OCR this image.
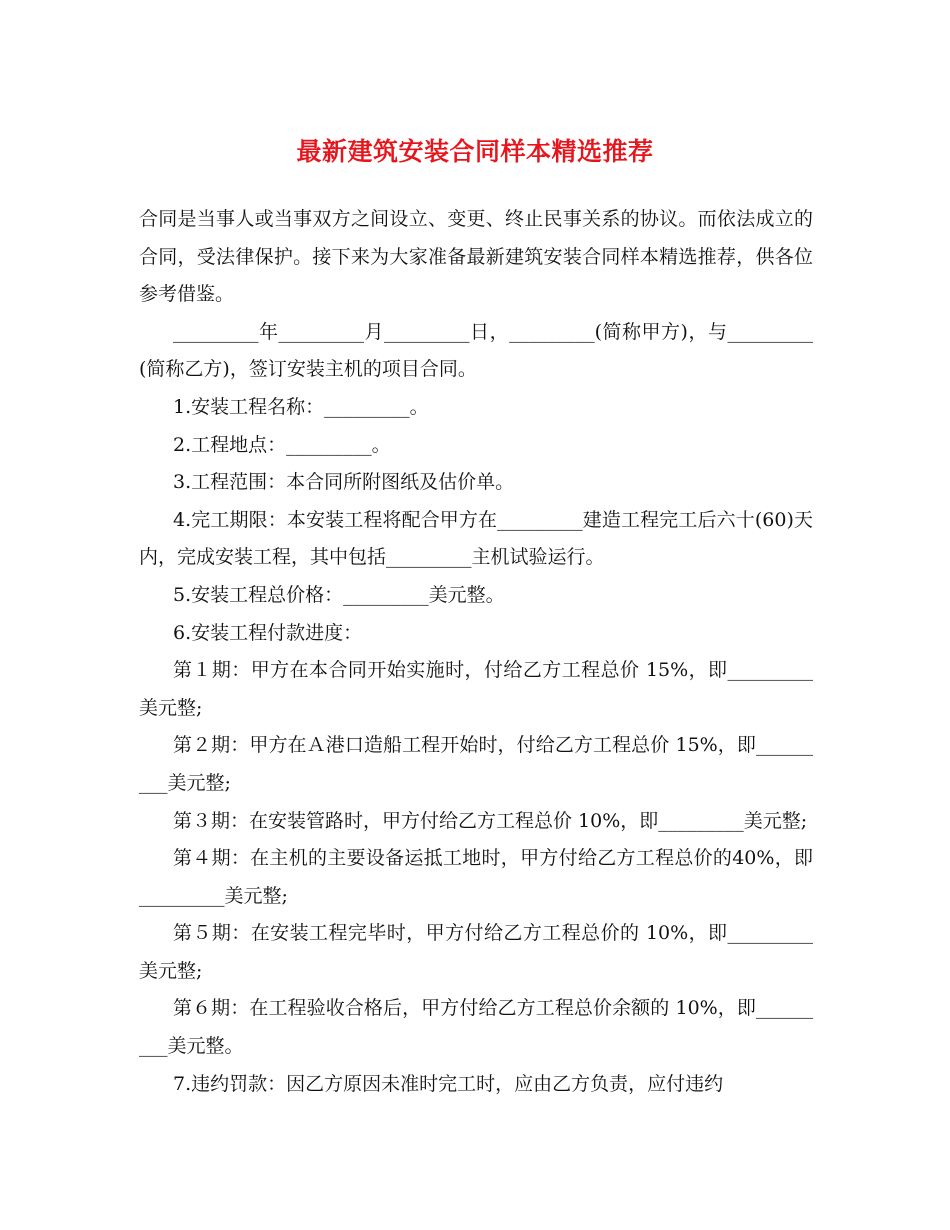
最新建筑安装合同样本精选推荐

合同是当事人或当事双方之间设立、变更、终止民事关系的协议。而依法成立的合同，受法律保护。接下来为大家准备最新建筑安装合同样本精选推荐，供各位参考借鉴。

_________年_________月_________日，_________(简称甲方)，与_________(简称乙方)，签订安装主机的项目合同。

1.安装工程名称：_________。

2.工程地点：_________。

3.工程范围：本合同所附图纸及估价单。

4.完工期限：本安装工程将配合甲方在_________建造工程完工后六十(60)天内，完成安装工程，其中包括_________主机试验运行。

5.安装工程总价格：_________美元整。

6.安装工程付款进度：

第１期：甲方在本合同开始实施时，付给乙方工程总价 15%，即_________美元整;

第２期：甲方在Ａ港口造船工程开始时，付给乙方工程总价 15%，即_________美元整;

第３期：在安装管路时，甲方付给乙方工程总价 10%，即_________美元整;

第４期：在主机的主要设备运抵工地时，甲方付给乙方工程总价的40%，即_________美元整;

第５期：在安装工程完毕时，甲方付给乙方工程总价的 10%，即_________美元整;

第６期：在工程验收合格后，甲方付给乙方工程总价余额的 10%，即_________美元整。

7.违约罚款：因乙方原因未准时完工时，应由乙方负责，应付违约
